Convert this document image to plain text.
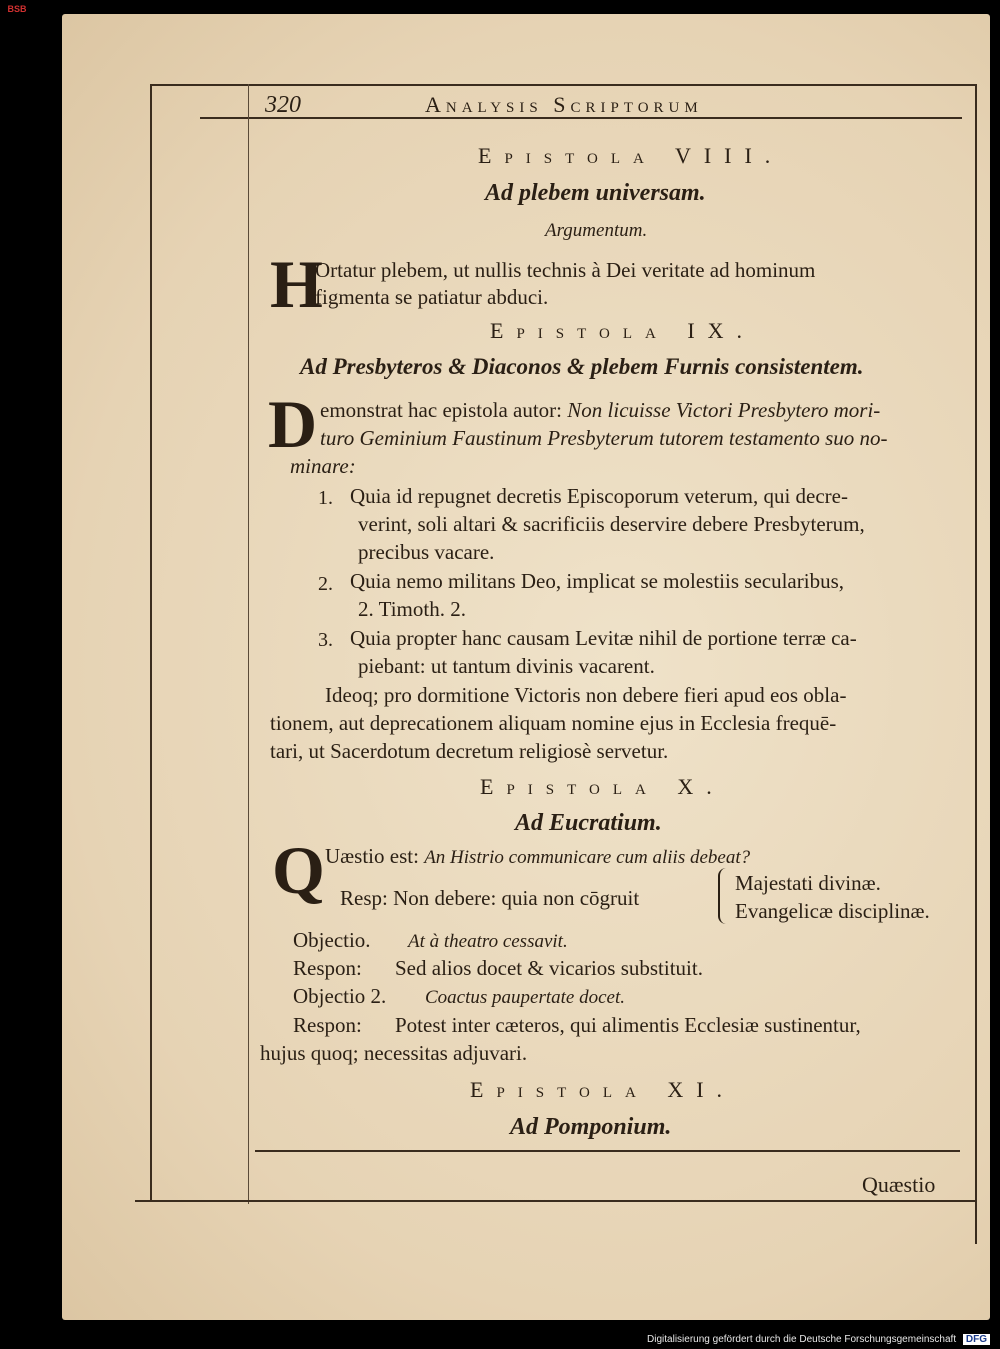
BSB
320	Analysis Scriptorum
Epistola VIII.
Ad plebem universam.
Argumentum.
H
Ortatur plebem, ut nullis technis à Dei veritate ad hominum
figmenta se patiatur abduci.
Epistola IX.
Ad Presbyteros & Diaconos & plebem Furnis consistentem.
D emonstrat hac epistola autor: Non licuisse Victori Presbytero mori-
turo Geminium Faustinum Presbyterum tutorem testamento suo no-
minare:
1. Quia id repugnet decretis Episcoporum veterum, qui decre-
verint, soli altari & sacrificiis deservire debere Presbyterum,
precibus vacare.
2. Quia nemo militans Deo, implicat se molestiis secularibus,
2. Timoth. 2.
3. Quia propter hanc causam Levitæ nihil de portione terræ ca-
piebant: ut tantum divinis vacarent.
Ideoq; pro dormitione Victoris non debere fieri apud eos obla-
tionem, aut deprecationem aliquam nomine ejus in Ecclesia frequē-
tari, ut Sacerdotum decretum religiosè servetur.
Epistola X.
Ad Eucratium.
Q Uæstio est: An Histrio communicare cum aliis debeat?
Resp: Non debere: quia non cōgruit
Majestati divinæ.
Evangelicæ disciplinæ.
Objectio. At à theatro cessavit.
Respon: Sed alios docet & vicarios substituit.
Objectio 2. Coactus paupertate docet.
Respon: Potest inter cæteros, qui alimentis Ecclesiæ sustinentur,
hujus quoq; necessitas adjuvari.
Epistola XI.
Ad Pomponium.
Quæstio
Digitalisierung gefördert durch die Deutsche Forschungsgemeinschaft DFG
